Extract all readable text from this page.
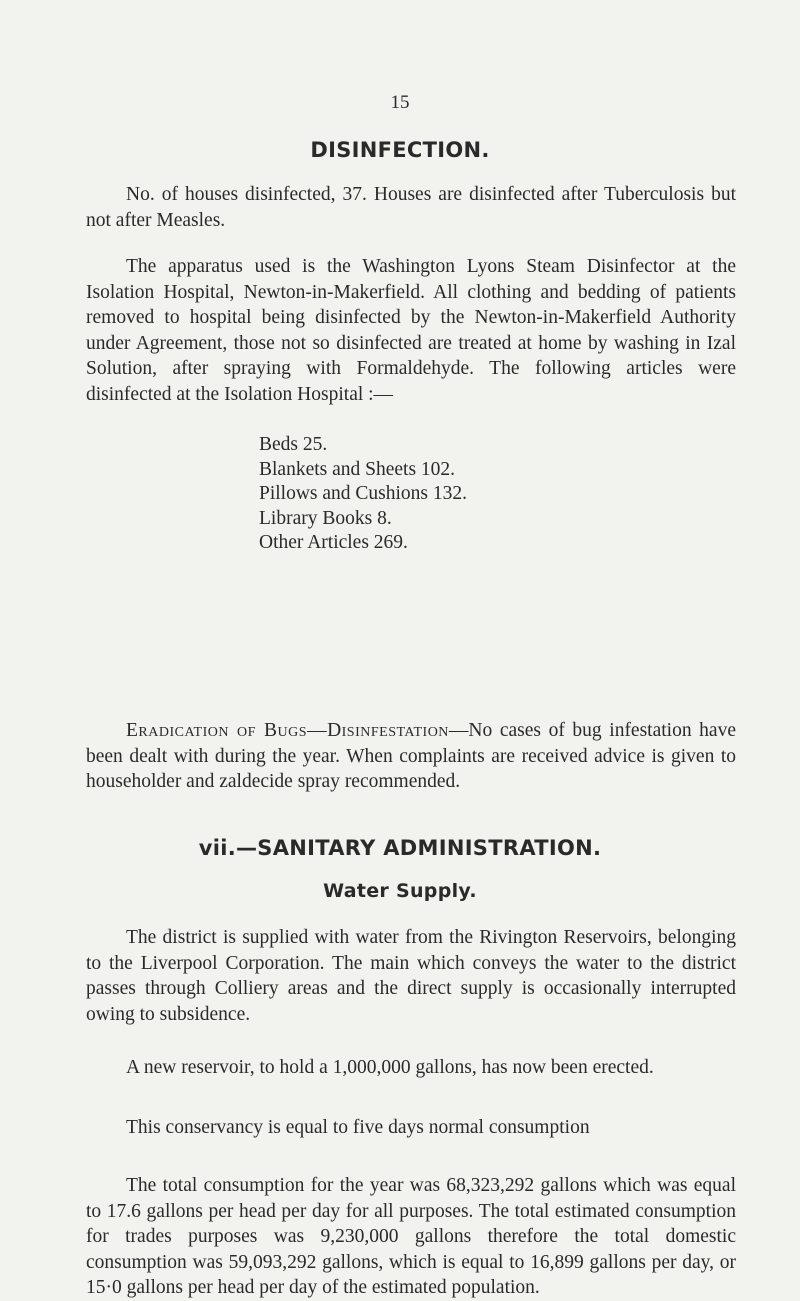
15
DISINFECTION.

No. of houses disinfected, 37. Houses are disinfected after Tuberculosis but not after Measles.

The apparatus used is the Washington Lyons Steam Disinfector at the Isolation Hospital, Newton-in-Makerfield. All clothing and bedding of patients removed to hospital being disinfected by the Newton-in-Makerfield Authority under Agreement, those not so disinfected are treated at home by washing in Izal Solution, after spraying with Formaldehyde. The following articles were disinfected at the Isolation Hospital :—

Beds 25.
Blankets and Sheets 102.
Pillows and Cushions 132.
Library Books 8.
Other Articles 269.

Eradication of Bugs—Disinfestation—No cases of bug infestation have been dealt with during the year. When complaints are received advice is given to householder and zaldecide spray recommended.

vii.—SANITARY ADMINISTRATION.
Water Supply.

The district is supplied with water from the Rivington Reservoirs, belonging to the Liverpool Corporation. The main which conveys the water to the district passes through Colliery areas and the direct supply is occasionally interrupted owing to subsidence.

A new reservoir, to hold a 1,000,000 gallons, has now been erected.

This conservancy is equal to five days normal consumption

The total consumption for the year was 68,323,292 gallons which was equal to 17.6 gallons per head per day for all purposes. The total estimated consumption for trades purposes was 9,230,000 gallons therefore the total domestic consumption was 59,093,292 gallons, which is equal to 16,899 gallons per day, or 15·0 gallons per head per day of the estimated population.
